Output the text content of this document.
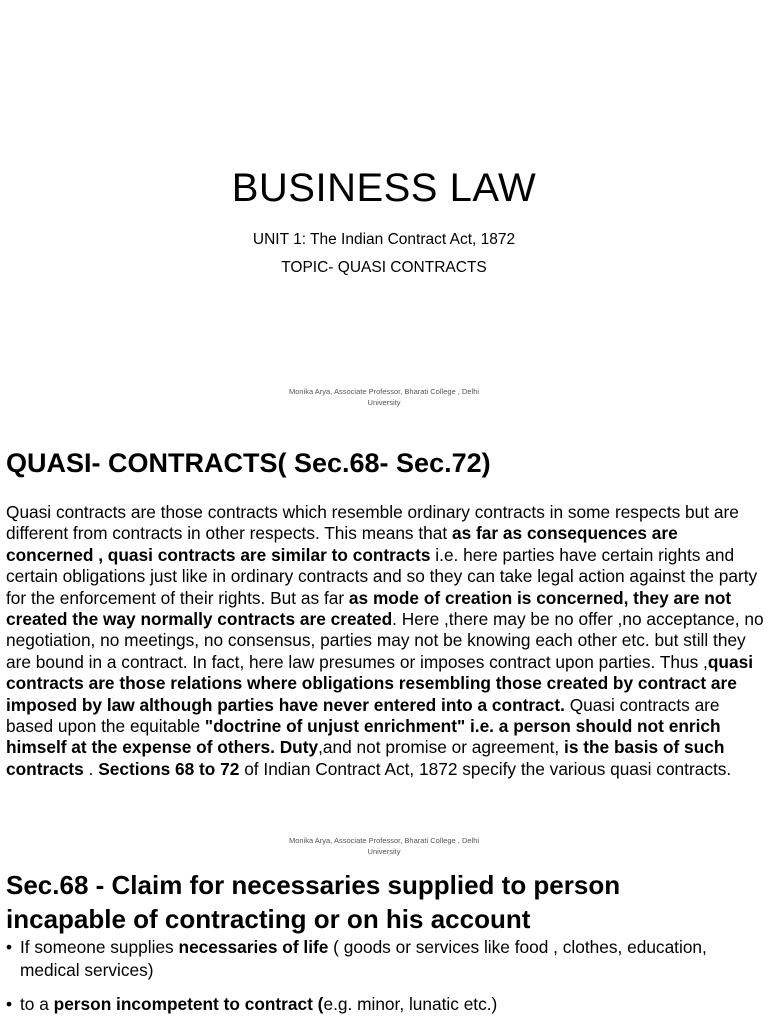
BUSINESS LAW
UNIT 1: The Indian Contract Act, 1872
TOPIC- QUASI CONTRACTS
Monika Arya, Associate Professor, Bharati College , Delhi
University
QUASI- CONTRACTS( Sec.68- Sec.72)

Quasi contracts are those contracts which resemble ordinary contracts in some respects but are different from contracts in other respects. This means that as far as consequences are concerned , quasi contracts are similar to contracts i.e. here parties have certain rights and certain obligations just like in ordinary contracts and so they can take legal action against the party for the enforcement of their rights. But as far as mode of creation is concerned, they are not created the way normally contracts are created. Here ,there may be no offer ,no acceptance, no negotiation, no meetings, no consensus, parties may not be knowing each other etc. but still they are bound in a contract. In fact, here law presumes or imposes contract upon parties. Thus ,quasi contracts are those relations where obligations resembling those created by contract are imposed by law although parties have never entered into a contract. Quasi contracts are based upon the equitable "doctrine of unjust enrichment" i.e. a person should not enrich himself at the expense of others. Duty,and not promise or agreement, is the basis of such contracts . Sections 68 to 72 of Indian Contract Act, 1872 specify the various quasi contracts.

Monika Arya, Associate Professor, Bharati College , Delhi
University
Sec.68 - Claim for necessaries supplied to person incapable of contracting or on his account
• If someone supplies necessaries of life ( goods or services like food , clothes, education, medical services)
• to a person incompetent to contract (e.g. minor, lunatic etc.)
